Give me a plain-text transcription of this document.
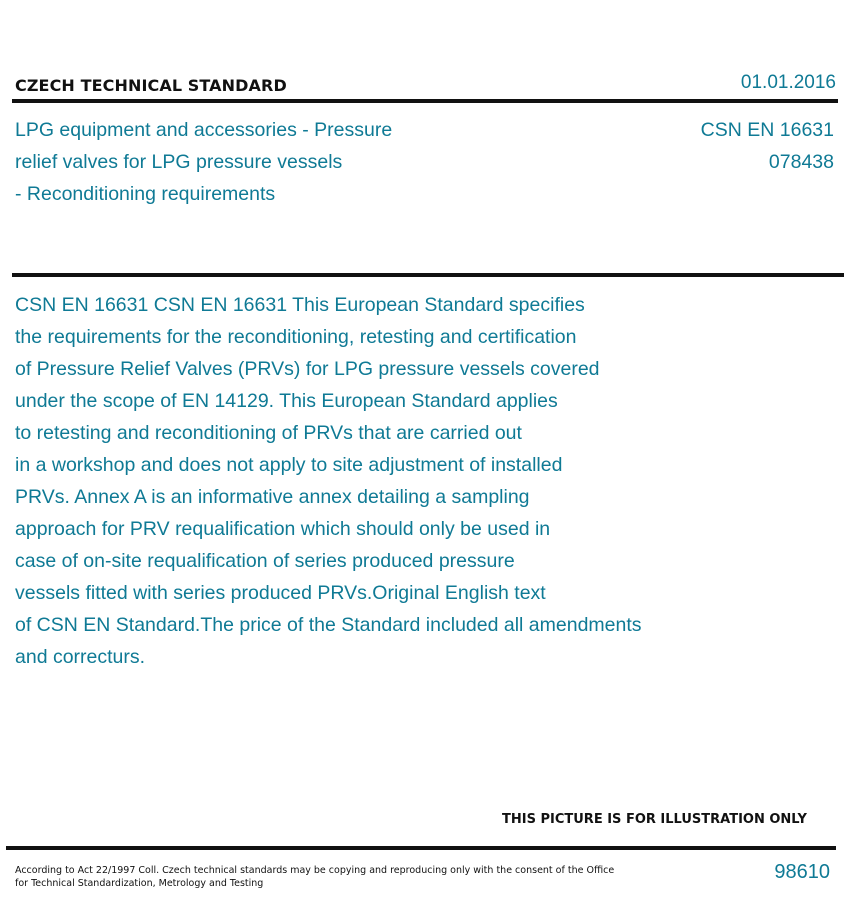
CZECH TECHNICAL STANDARD	01.01.2016
LPG equipment and accessories - Pressure
relief valves for LPG pressure vessels
- Reconditioning requirements
CSN EN 16631
078438
CSN EN 16631 CSN EN 16631 This European Standard specifies
the requirements for the reconditioning, retesting and certification
of Pressure Relief Valves (PRVs) for LPG pressure vessels covered
under the scope of EN 14129. This European Standard applies
to retesting and reconditioning of PRVs that are carried out
in a workshop and does not apply to site adjustment of installed
PRVs. Annex A is an informative annex detailing a sampling
approach for PRV requalification which should only be used in
case of on-site requalification of series produced pressure
vessels fitted with series produced PRVs.Original English text
of CSN EN Standard.The price of the Standard included all amendments
and correcturs.
THIS PICTURE IS FOR ILLUSTRATION ONLY
According to Act 22/1997 Coll. Czech technical standards may be copying and reproducing only with the consent of the Office
for Technical Standardization, Metrology and Testing
98610
